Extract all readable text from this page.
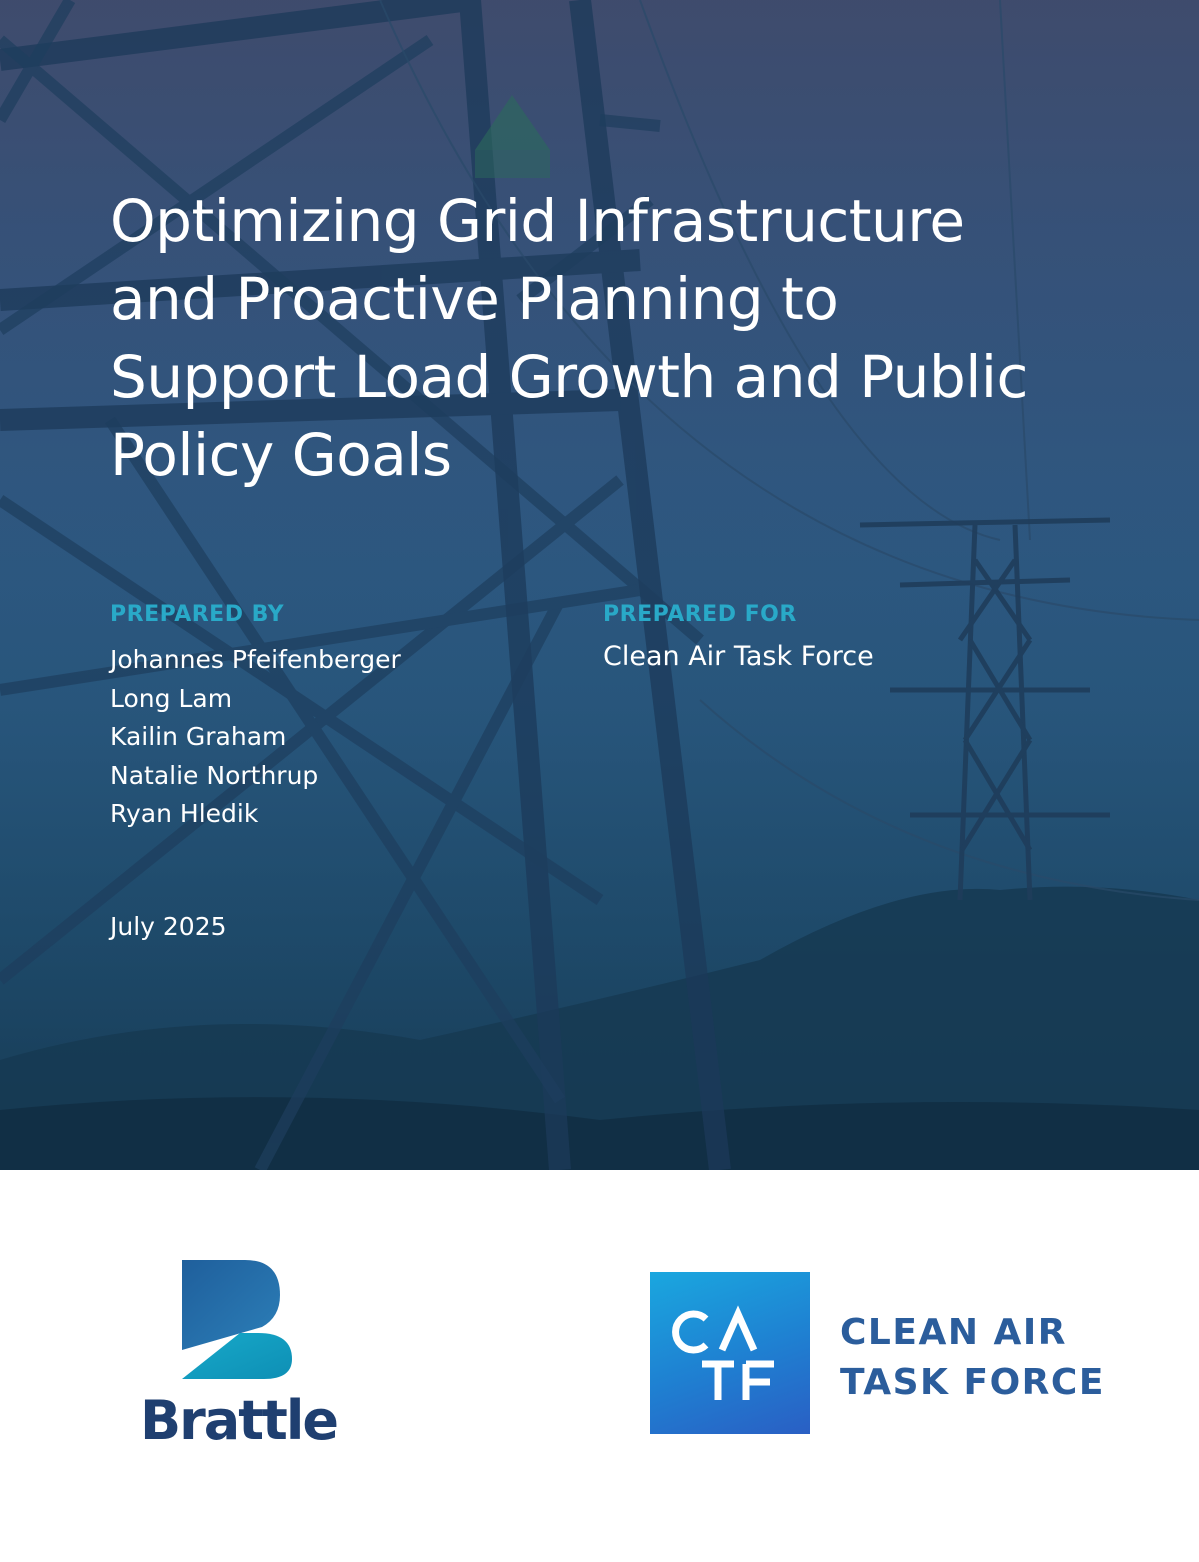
Optimizing Grid Infrastructure and Proactive Planning to Support Load Growth and Public Policy Goals
PREPARED BY
Johannes Pfeifenberger
Long Lam
Kailin Graham
Natalie Northrup
Ryan Hledik
PREPARED FOR
Clean Air Task Force
July 2025
Brattle
CLEAN AIR
TASK FORCE
